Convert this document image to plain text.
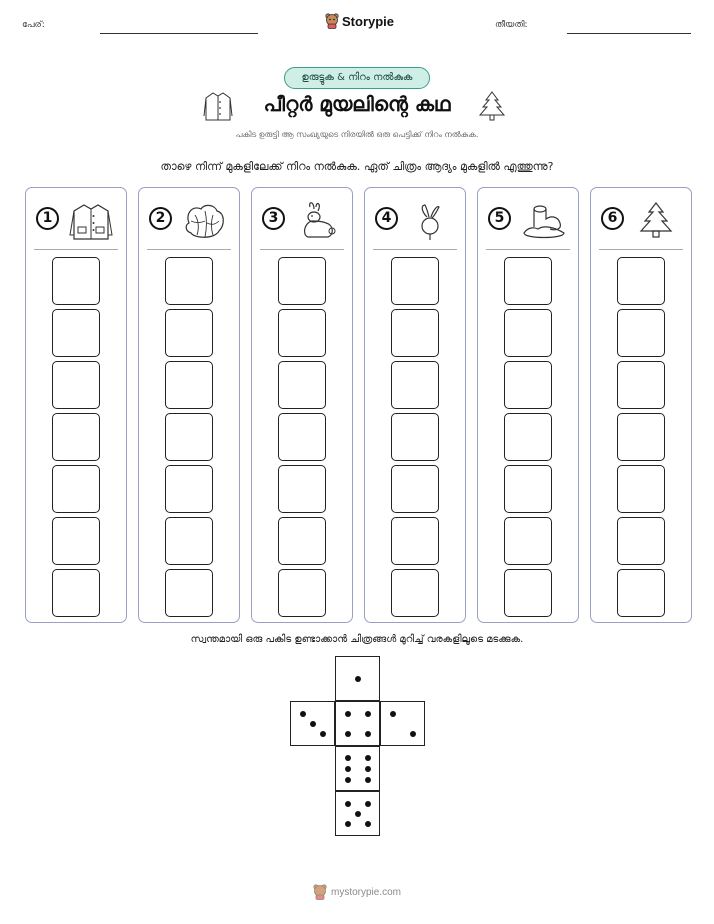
പേര്:	Storypie	തീയതി:
ഉരുട്ടുക & നിറം നൽകുക
പീറ്റർ മുയലിന്റെ കഥ
പകിട ഉരുട്ടി ആ സംഖ്യയുടെ നിരയിൽ ഒരു പെട്ടിക്ക് നിറം നൽകുക.
താഴെ നിന്ന് മുകളിലേക്ക് നിറം നൽകുക. ഏത് ചിത്രം ആദ്യം മുകളിൽ എത്തുന്നു?
1	2	3	4	5	6
സ്വന്തമായി ഒരു പകിട ഉണ്ടാക്കാൻ ചിത്രങ്ങൾ മുറിച്ച് വരകളിലൂടെ മടക്കുക.
mystorypie.com
